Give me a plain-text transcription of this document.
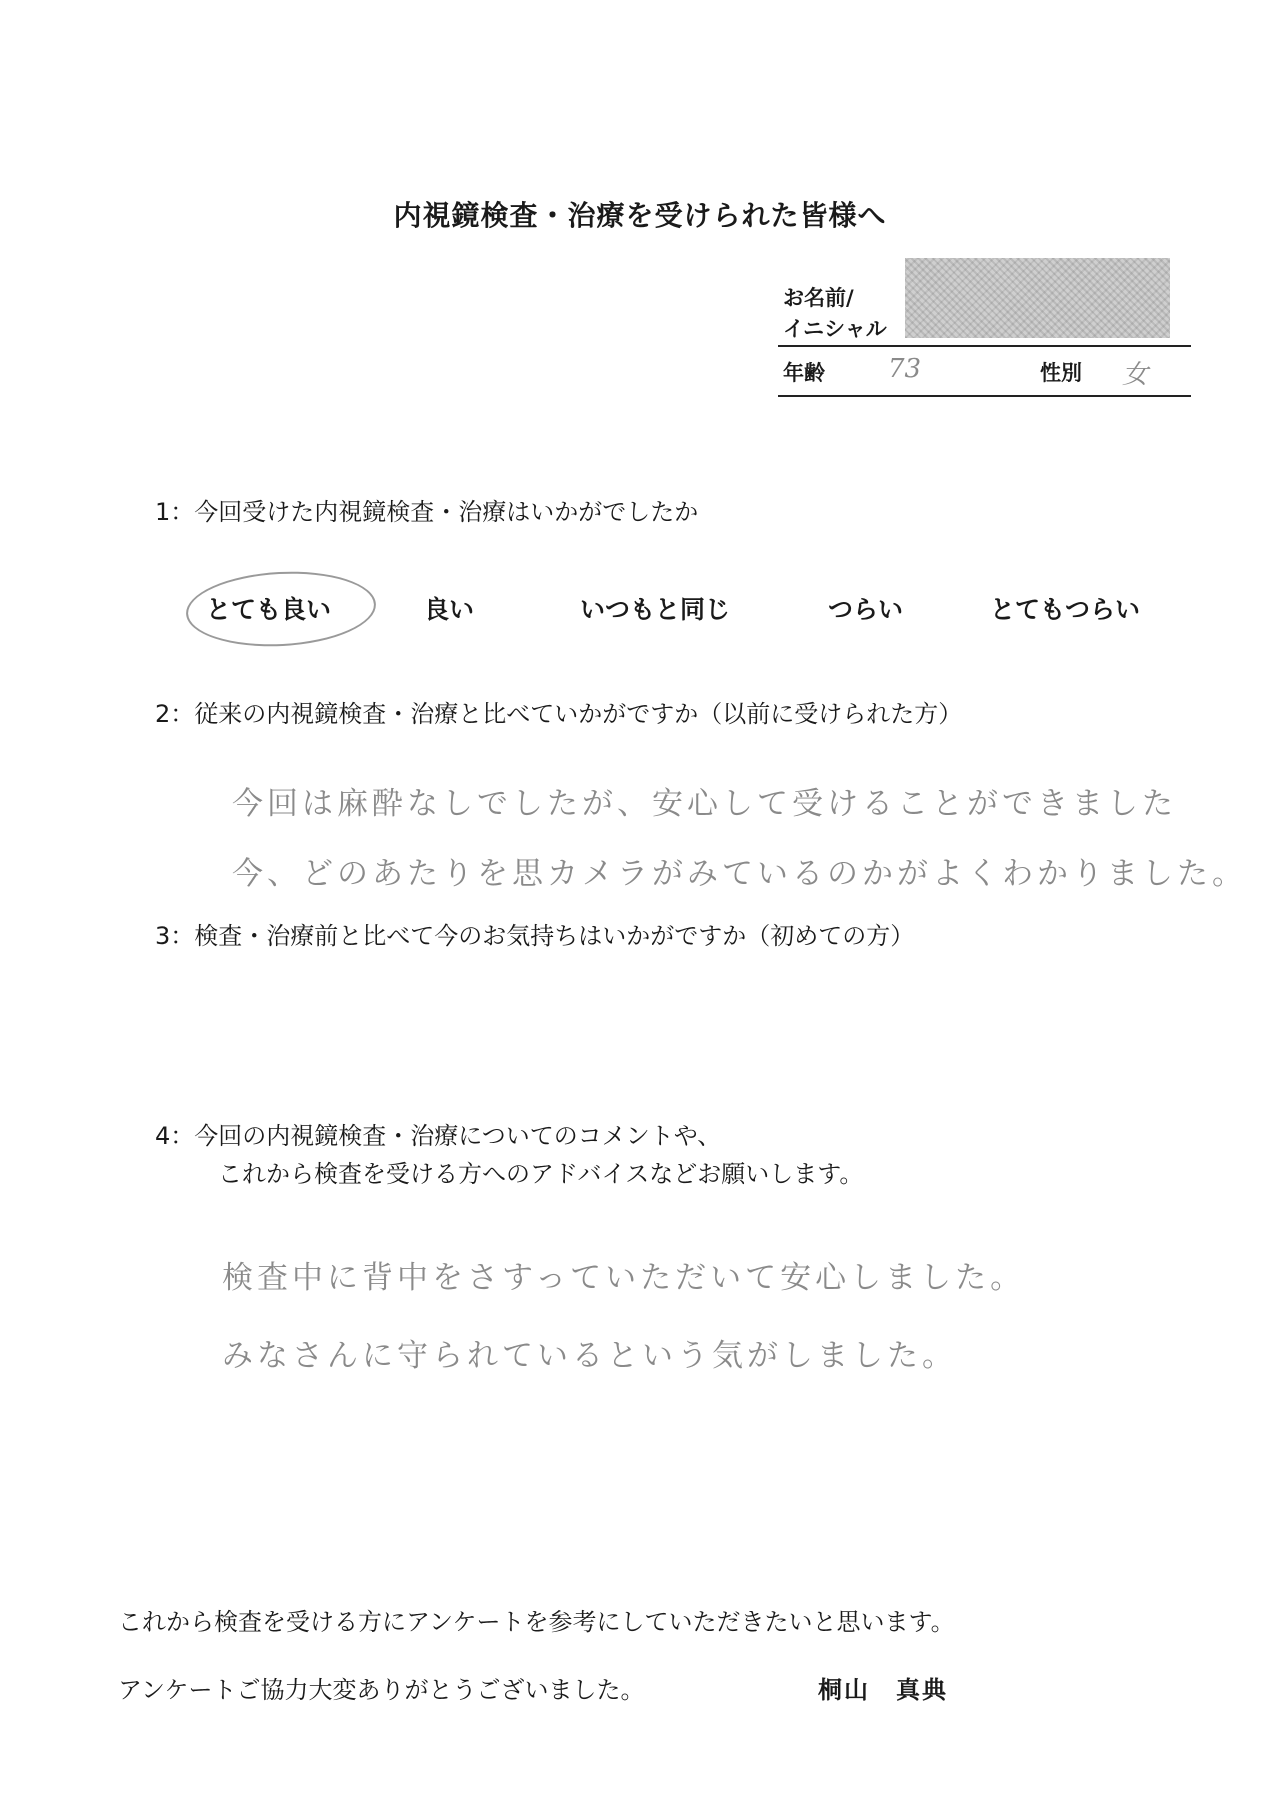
内視鏡検査・治療を受けられた皆様へ
お名前/
イニシャル
年齢 73	性別 女
1：今回受けた内視鏡検査・治療はいかがでしたか
とても良い	良い	いつもと同じ	つらい	とてもつらい
2：従来の内視鏡検査・治療と比べていかがですか（以前に受けられた方）
今回は麻酔なしでしたが、安心して受けることができました
今、どのあたりを思カメラがみているのかがよくわかりました。
3：検査・治療前と比べて今のお気持ちはいかがですか（初めての方）
4：今回の内視鏡検査・治療についてのコメントや、
これから検査を受ける方へのアドバイスなどお願いします。
検査中に背中をさすっていただいて安心しました。
みなさんに守られているという気がしました。
これから検査を受ける方にアンケートを参考にしていただきたいと思います。
アンケートご協力大変ありがとうございました。	桐山　真典
